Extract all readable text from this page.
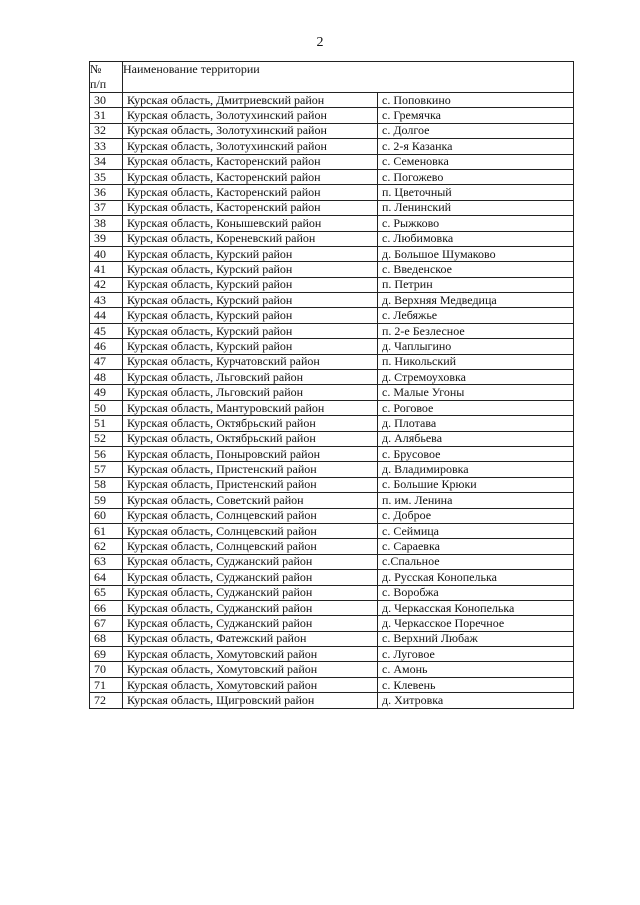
2
№
п/п	Наименование территории	
30	Курская область, Дмитриевский район	с. Поповкино
31	Курская область, Золотухинский район	с. Гремячка
32	Курская область, Золотухинский район	с. Долгое
33	Курская область, Золотухинский район	с. 2-я Казанка
34	Курская область, Касторенский район	с. Семеновка
35	Курская область, Касторенский район	с. Погожево
36	Курская область, Касторенский район	п. Цветочный
37	Курская область, Касторенский район	п. Ленинский
38	Курская область, Конышевский район	с. Рыжково
39	Курская область, Кореневский район	с. Любимовка
40	Курская область, Курский район	д. Большое Шумаково
41	Курская область, Курский район	с. Введенское
42	Курская область, Курский район	п. Петрин
43	Курская область, Курский район	д. Верхняя Медведица
44	Курская область, Курский район	с. Лебяжье
45	Курская область, Курский район	п. 2-е Безлесное
46	Курская область, Курский район	д. Чаплыгино
47	Курская область, Курчатовский район	п. Никольский
48	Курская область, Льговский район	д. Стремоуховка
49	Курская область, Льговский район	с. Малые Угоны
50	Курская область, Мантуровский район	с. Роговое
51	Курская область, Октябрьский район	д. Плотава
52	Курская область, Октябрьский район	д. Алябьева
56	Курская область, Поныровский район	с. Брусовое
57	Курская область, Пристенский район	д. Владимировка
58	Курская область, Пристенский район	с. Большие Крюки
59	Курская область, Советский район	п. им. Ленина
60	Курская область, Солнцевский район	с. Доброе
61	Курская область, Солнцевский район	с. Сеймица
62	Курская область, Солнцевский район	с. Сараевка
63	Курская область, Суджанский район	с.Спальное
64	Курская область, Суджанский район	д. Русская Конопелька
65	Курская область, Суджанский район	с. Воробжа
66	Курская область, Суджанский район	д. Черкасская Конопелька
67	Курская область, Суджанский район	д. Черкасское Поречное
68	Курская область, Фатежский район	с. Верхний Любаж
69	Курская область, Хомутовский район	с. Луговое
70	Курская область, Хомутовский район	с. Амонь
71	Курская область, Хомутовский район	с. Клевень
72	Курская область, Щигровский район	д. Хитровка
